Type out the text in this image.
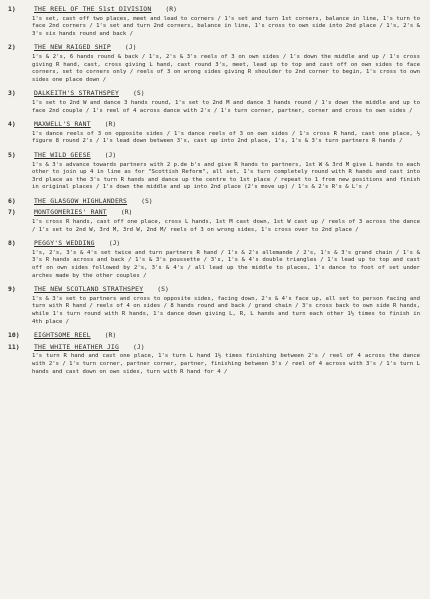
1)	THE REEL OF THE 51st DIVISION (R)
1's set, cast off two places, meet and lead to corners / 1's set and turn 1st corners, balance in line, 1's turn to face 2nd corners / 1's set and turn 2nd corners, balance in line, 1's cross to own side into 2nd place / 1's, 2's & 3's six hands round and back /
2)	THE NEW RAIGED SHIP (J)
1's & 2's, 6 hands round & back / 1's, 2's & 3's reels of 3 on own sides / 1's down the middle and up / 1's cross giving R hand, cast, cross giving L hand, cast round 3's, meet, lead up to top and cast off on own sides to face corners, set to corners only / reels of 3 on wrong sides giving R shoulder to 2nd corner to begin, 1's cross to own sides one place down /
3)	DALKEITH'S STRATHSPEY (S)
1's set to 2nd W and dance 3 hands round, 1's set to 2nd M and dance 3 hands round / 1's down the middle and up to face 2nd couple / 1's reel of 4 across dance with 2's / 1's turn corner, partner, corner and cross to own sides /
4)	MAXWELL'S RANT (R)
1's dance reels of 3 on opposite sides / 1's dance reels of 3 on own sides / 1's cross R hand, cast one place, ½ figure 8 round 2's / 1's lead down between 3's, cast up into 2nd place, 1's, 1's & 3's turn partners R hands /
5)	THE WILD GEESE (J)
1's & 3's advance towards partners with 2 p.de b's and give R hands to partners, 1st W & 3rd M give L hands to each other to join up 4 in line as for "Scottish Reform", all set, 1's turn completely round with R hands and cast into 3rd place as the 3's turn R hands and dance up the centre to 1st place / repeat to 1 from new positions and finish in original places / 1's down the middle and up into 2nd place (2's move up) / 1's & 2's R's & L's /
6)	THE GLASGOW HIGHLANDERS (S)
7)	MONTGOMERIES' RANT (R)
1's cross R hands, cast off one place, cross L hands, 1st M cast down, 1st W cast up / reels of 3 across the dance / 1's set to 2nd W, 3rd M, 3rd W, 2nd M/ reels of 3 on wrong sides, 1's cross over to 2nd place /
8)	PEGGY'S WEDDING (J)
1's, 2's, 3's & 4's set twice and turn partners R hand / 1's & 2's allemande / 2's, 1's & 3's grand chain / 1's & 3's R hands across and back / 1's & 3's poussette / 3's, 1's & 4's double triangles / 1's lead up to top and cast off on own sides followed by 2's, 3's & 4's / all lead up the middle to places, 1's dance to foot of set under arches made by the other couples /
9)	THE NEW SCOTLAND STRATHSPEY (S)
1's & 3's set to partners and cross to opposite sides, facing down, 2's & 4's face up, all set to person facing and turn with R hand / reels of 4 on sides / 8 hands round and back / grand chain / 3's cross back to own side R hands, while 1's turn round with R hands, 1's dance down giving L, R, L hands and turn each other 1½ times to finish in 4th place /
10)	EIGHTSOME REEL (R)
11)	THE WHITE HEATHER JIG (J)
1's turn R hand and cast one place, 1's turn L hand 1½ times finishing between 2's / reel of 4 across the dance with 2's / 1's turn corner, partner corner, partner, finishing between 3's / reel of 4 across with 3's / 1's turn L hands and cast down on own sides, turn with R hand for 4 /
